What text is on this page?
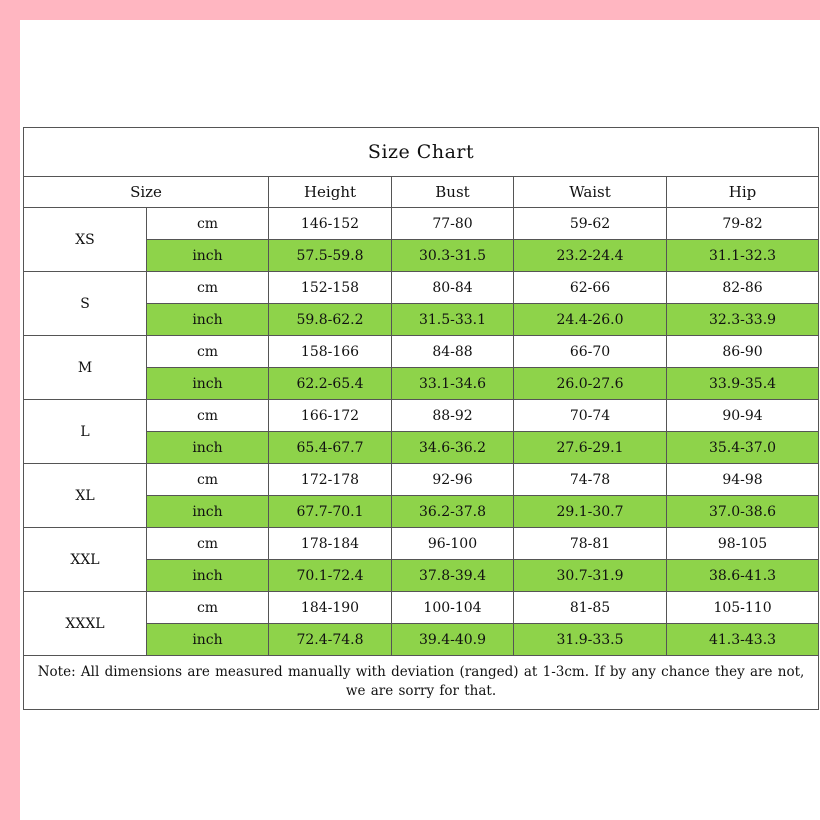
Size Chart					
Size		Height	Bust	Waist	Hip
XS	cm	146-152	77-80	59-62	79-82
	inch	57.5-59.8	30.3-31.5	23.2-24.4	31.1-32.3
S	cm	152-158	80-84	62-66	82-86
	inch	59.8-62.2	31.5-33.1	24.4-26.0	32.3-33.9
M	cm	158-166	84-88	66-70	86-90
	inch	62.2-65.4	33.1-34.6	26.0-27.6	33.9-35.4
L	cm	166-172	88-92	70-74	90-94
	inch	65.4-67.7	34.6-36.2	27.6-29.1	35.4-37.0
XL	cm	172-178	92-96	74-78	94-98
	inch	67.7-70.1	36.2-37.8	29.1-30.7	37.0-38.6
XXL	cm	178-184	96-100	78-81	98-105
	inch	70.1-72.4	37.8-39.4	30.7-31.9	38.6-41.3
XXXL	cm	184-190	100-104	81-85	105-110
	inch	72.4-74.8	39.4-40.9	31.9-33.5	41.3-43.3
Note: All dimensions are measured manually with deviation (ranged) at 1-3cm. If by any chance they are not, we are sorry for that.					
